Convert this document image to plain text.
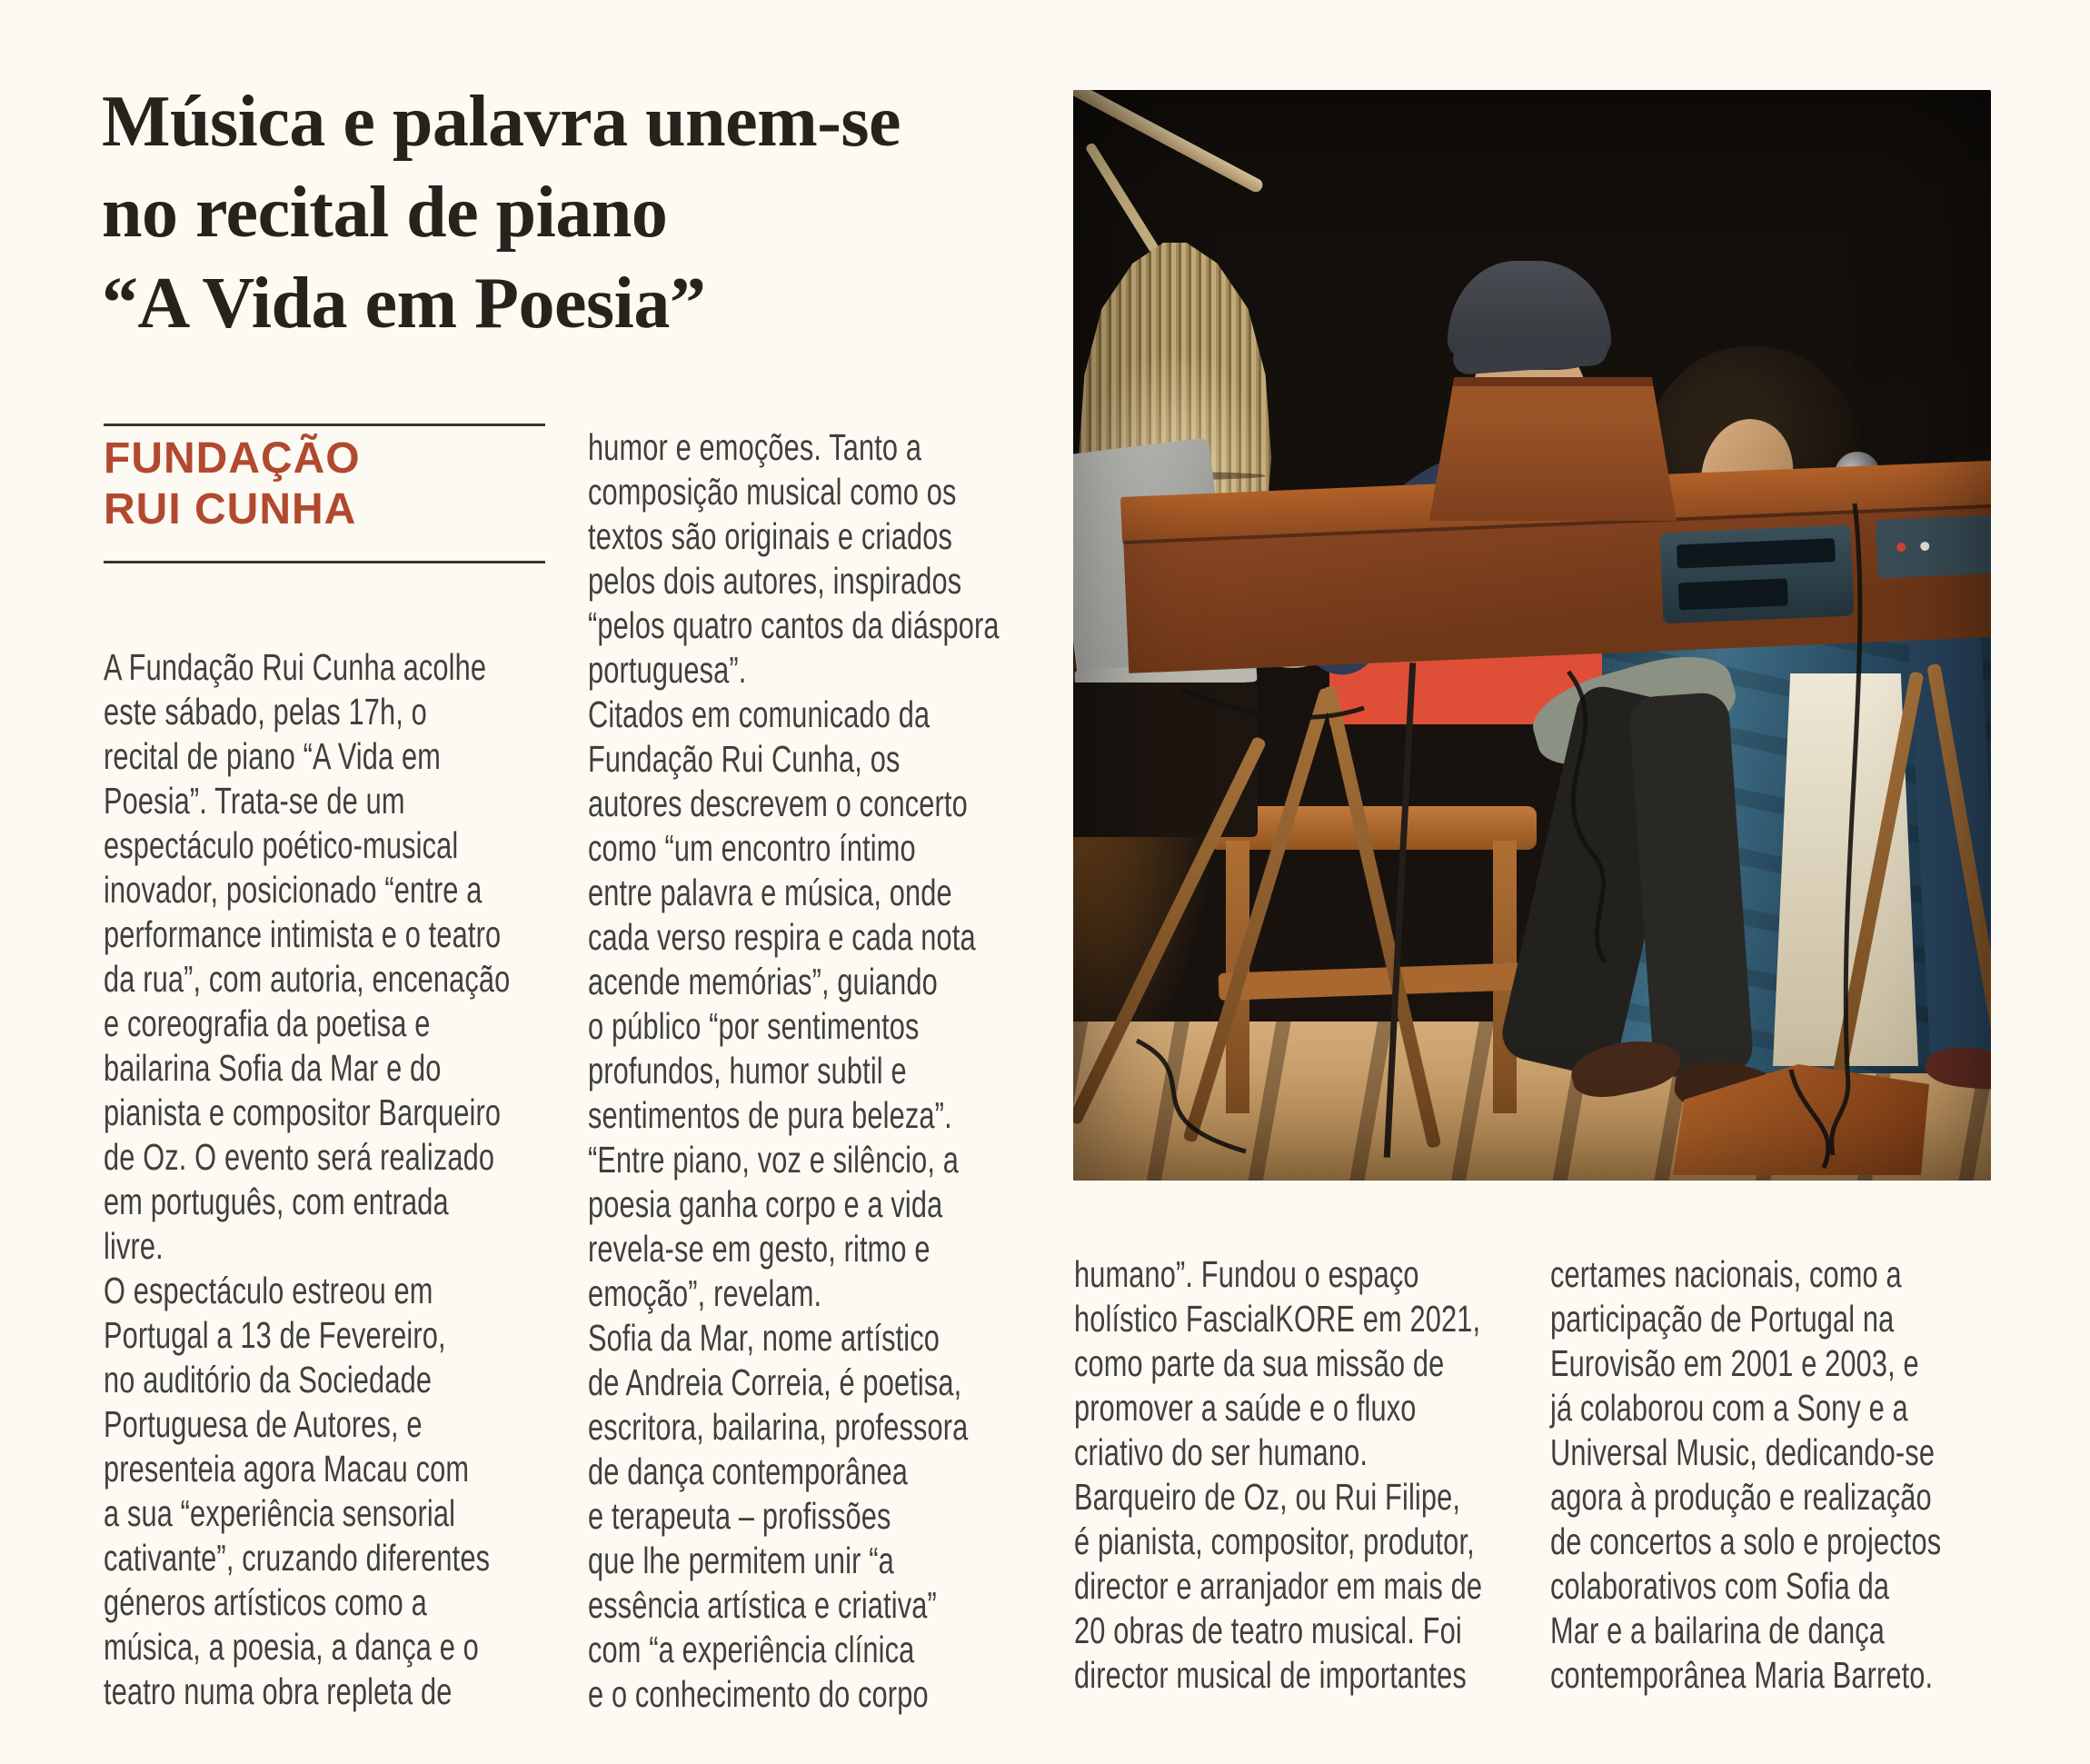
Música e palavra unem-se
no recital de piano
“A Vida em Poesia”
FUNDAÇÃO
RUI CUNHA
A Fundação Rui Cunha acolhe
este sábado, pelas 17h, o
recital de piano “A Vida em
Poesia”. Trata-se de um
espectáculo poético-musical
inovador, posicionado “entre a
performance intimista e o teatro
da rua”, com autoria, encenação
e coreografia da poetisa e
bailarina Sofia da Mar e do
pianista e compositor Barqueiro
de Oz. O evento será realizado
em português, com entrada
livre.
O espectáculo estreou em
Portugal a 13 de Fevereiro,
no auditório da Sociedade
Portuguesa de Autores, e
presenteia agora Macau com
a sua “experiência sensorial
cativante”, cruzando diferentes
géneros artísticos como a
música, a poesia, a dança e o
teatro numa obra repleta de
humor e emoções. Tanto a
composição musical como os
textos são originais e criados
pelos dois autores, inspirados
“pelos quatro cantos da diáspora
portuguesa”.
Citados em comunicado da
Fundação Rui Cunha, os
autores descrevem o concerto
como “um encontro íntimo
entre palavra e música, onde
cada verso respira e cada nota
acende memórias”, guiando
o público “por sentimentos
profundos, humor subtil e
sentimentos de pura beleza”.
“Entre piano, voz e silêncio, a
poesia ganha corpo e a vida
revela-se em gesto, ritmo e
emoção”, revelam.
Sofia da Mar, nome artístico
de Andreia Correia, é poetisa,
escritora, bailarina, professora
de dança contemporânea
e terapeuta – profissões
que lhe permitem unir “a
essência artística e criativa”
com “a experiência clínica
e o conhecimento do corpo
humano”. Fundou o espaço
holístico FascialKORE em 2021,
como parte da sua missão de
promover a saúde e o fluxo
criativo do ser humano.
Barqueiro de Oz, ou Rui Filipe,
é pianista, compositor, produtor,
director e arranjador em mais de
20 obras de teatro musical. Foi
director musical de importantes
certames nacionais, como a
participação de Portugal na
Eurovisão em 2001 e 2003, e
já colaborou com a Sony e a
Universal Music, dedicando-se
agora à produção e realização
de concertos a solo e projectos
colaborativos com Sofia da
Mar e a bailarina de dança
contemporânea Maria Barreto.
